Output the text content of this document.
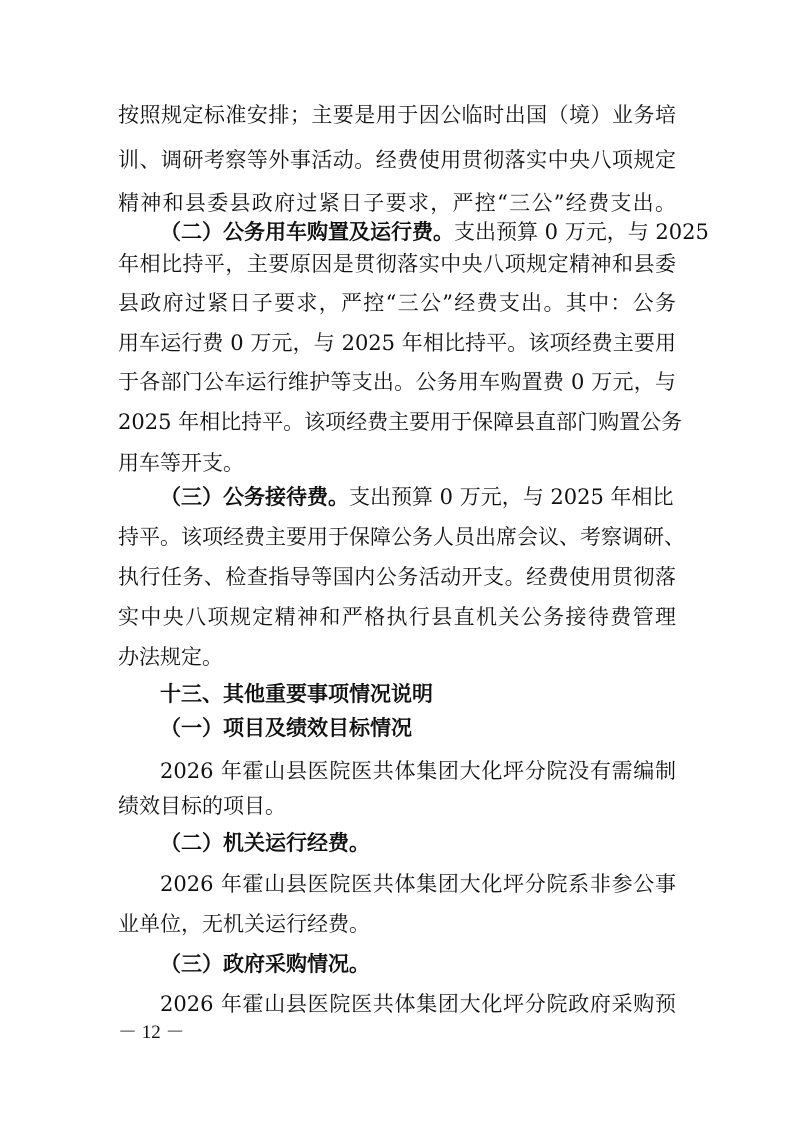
按照规定标准安排；主要是用于因公临时出国（境）业务培
训、调研考察等外事活动。经费使用贯彻落实中央八项规定
精神和县委县政府过紧日子要求，严控“三公”经费支出。
（二）公务用车购置及运行费。支出预算 0 万元，与 2025
年相比持平，主要原因是贯彻落实中央八项规定精神和县委
县政府过紧日子要求，严控“三公”经费支出。其中：公务
用车运行费 0 万元，与 2025 年相比持平。该项经费主要用
于各部门公车运行维护等支出。公务用车购置费 0 万元，与
2025 年相比持平。该项经费主要用于保障县直部门购置公务
用车等开支。
（三）公务接待费。支出预算 0 万元，与 2025 年相比
持平。该项经费主要用于保障公务人员出席会议、考察调研、
执行任务、检查指导等国内公务活动开支。经费使用贯彻落
实中央八项规定精神和严格执行县直机关公务接待费管理
办法规定。
十三、其他重要事项情况说明
（一）项目及绩效目标情况
2026 年霍山县医院医共体集团大化坪分院没有需编制
绩效目标的项目。
（二）机关运行经费。
2026 年霍山县医院医共体集团大化坪分院系非参公事
－ 12 －
业单位，无机关运行经费。
（三）政府采购情况。
2026 年霍山县医院医共体集团大化坪分院政府采购预
